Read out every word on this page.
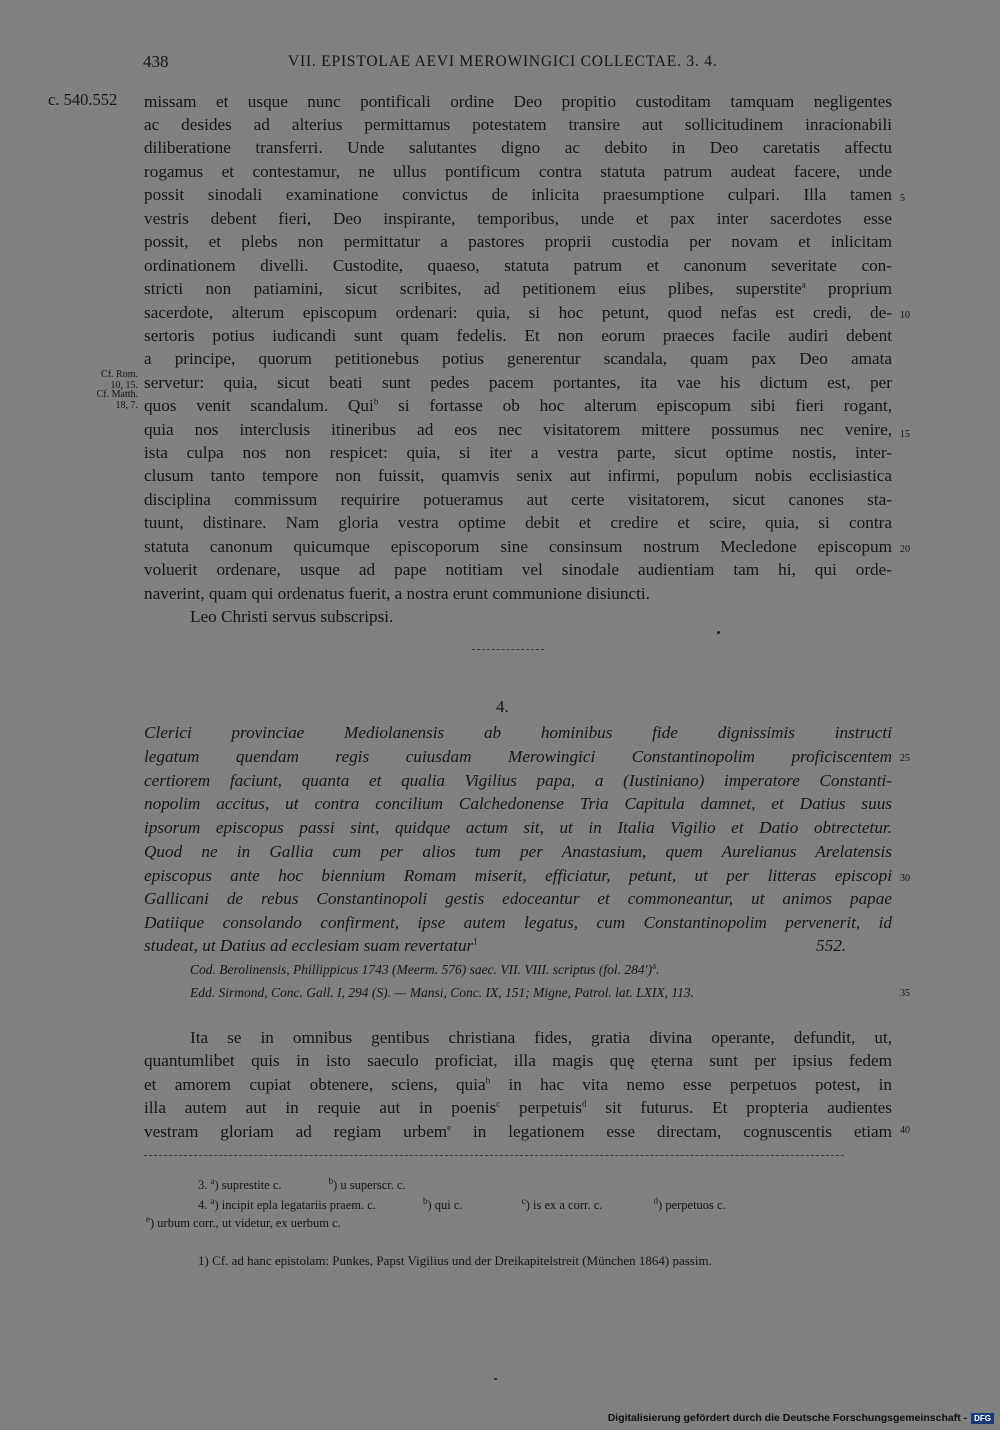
438	VII. EPISTOLAE AEVI MEROWINGICI COLLECTAE. 3. 4.
c. 540.552
Cf. Rom.
10, 15.
Cf. Matth.
18, 7.
5
10
15
20
25
30
35
40
missam et usque nunc pontificali ordine Deo propitio custoditam tamquam negligentes
ac desides ad alterius permittamus potestatem transire aut sollicitudinem inracionabili
diliberatione transferri. Unde salutantes digno ac debito in Deo caretatis affectu
rogamus et contestamur, ne ullus pontificum contra statuta patrum audeat facere, unde
possit sinodali examinatione convictus de inlicita praesumptione culpari. Illa tamen
vestris debent fieri, Deo inspirante, temporibus, unde et pax inter sacerdotes esse
possit, et plebs non permittatur a pastores proprii custodia per novam et inlicitam
ordinationem divelli. Custodite, quaeso, statuta patrum et canonum severitate con-
stricti non patiamini, sicut scribites, ad petitionem eius plibes, superstite$^a$ proprium
sacerdote, alterum episcopum ordenari: quia, si hoc petunt, quod nefas est credi, de-
sertoris potius iudicandi sunt quam fedelis. Et non eorum praeces facile audiri debent
a principe, quorum petitionebus potius generentur scandala, quam pax Deo amata
servetur: quia, sicut beati sunt pedes pacem portantes, ita vae his dictum est, per
quos venit scandalum. Qui$^b$ si fortasse ob hoc alterum episcopum sibi fieri rogant,
quia nos interclusis itineribus ad eos nec visitatorem mittere possumus nec venire,
ista culpa nos non respicet: quia, si iter a vestra parte, sicut optime nostis, inter-
clusum tanto tempore non fuissit, quamvis senix aut infirmi, populum nobis ecclisiastica
disciplina commissum requirire potueramus aut certe visitatorem, sicut canones sta-
tuunt, distinare. Nam gloria vestra optime debit et credire et scire, quia, si contra
statuta canonum quicumque episcoporum sine consinsum nostrum Mecledone episcopum
voluerit ordenare, usque ad pape notitiam vel sinodale audientiam tam hi, qui orde-
naverint, quam qui ordenatus fuerit, a nostra erunt communione disiuncti.
Leo Christi servus subscripsi.
4.
Clerici provinciae Mediolanensis ab hominibus fide dignissimis instructi
legatum quendam regis cuiusdam Merowingici Constantinopolim proficiscentem
certiorem faciunt, quanta et qualia Vigilius papa, a (Iustiniano) imperatore Constanti-
nopolim accitus, ut contra concilium Calchedonense Tria Capitula damnet, et Datius suus
ipsorum episcopus passi sint, quidque actum sit, ut in Italia Vigilio et Datio obtrectetur.
Quod ne in Gallia cum per alios tum per Anastasium, quem Aurelianus Arelatensis
episcopus ante hoc biennium Romam miserit, efficiatur, petunt, ut per litteras episcopi
Gallicani de rebus Constantinopoli gestis edoceantur et commoneantur, ut animos papae
Datiique consolando confirment, ipse autem legatus, cum Constantinopolim pervenerit, id
studeat, ut Datius ad ecclesiam suam revertatur$^1$	552.
Cod. Berolinensis, Phillippicus 1743 (Meerm. 576) saec. VII. VIII. scriptus (fol. 284')$^a$.
Edd. Sirmond, Conc. Gall. I, 294 (S). — Mansi, Conc. IX, 151; Migne, Patrol. lat. LXIX, 113.
Ita se in omnibus gentibus christiana fides, gratia divina operante, defundit, ut,
quantumlibet quis in isto saeculo proficiat, illa magis quę ęterna sunt per ipsius fedem
et amorem cupiat obtenere, sciens, quia$^b$ in hac vita nemo esse perpetuos potest, in
illa autem aut in requie aut in poenis$^c$ perpetuis$^d$ sit futurus. Et propteria audientes
vestram gloriam ad regiam urbem$^e$ in legationem esse directam, cognuscentis etiam
3. $^a$) suprestite c.	$^b$) u superscr. c.
4. $^a$) incipit epla legatariis praem. c.	$^b$) qui c.	$^c$) is ex a corr. c.	$^d$) perpetuos c.
$^e$) urbum corr., ut videtur, ex uerbum c.
1) Cf. ad hanc epistolam: Punkes, Papst Vigilius und der Dreikapitelstreit (München 1864) passim.
Digitalisierung gefördert durch die Deutsche Forschungsgemeinschaft - DFG
